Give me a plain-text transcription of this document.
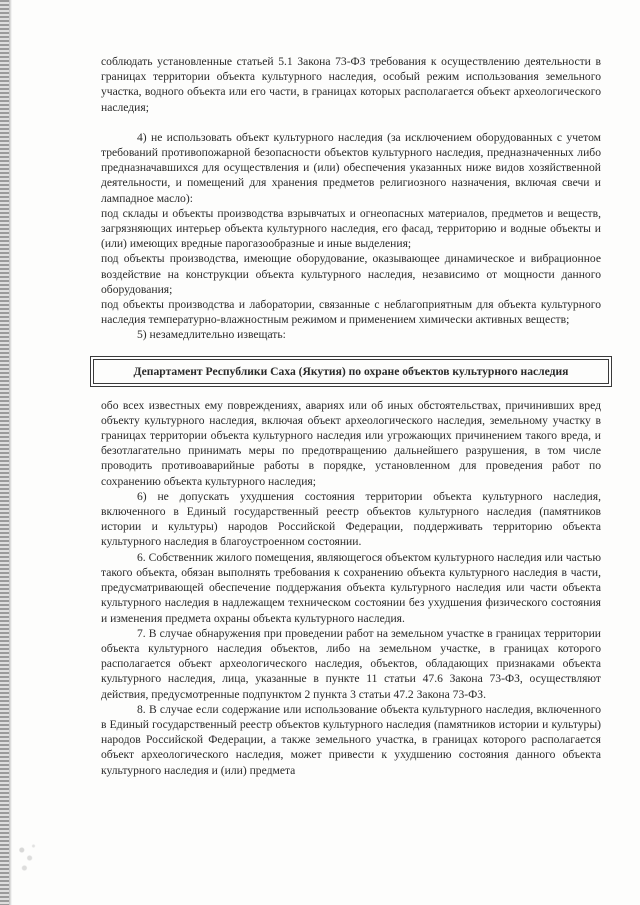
соблюдать установленные статьей 5.1 Закона 73-ФЗ требования к осуществлению деятельности в границах территории объекта культурного наследия, особый режим использования земельного участка, водного объекта или его части, в границах которых располагается объект археологического наследия;

4) не использовать объект культурного наследия (за исключением оборудованных с учетом требований противопожарной безопасности объектов культурного наследия, предназначенных либо предназначавшихся для осуществления и (или) обеспечения указанных ниже видов хозяйственной деятельности, и помещений для хранения предметов религиозного назначения, включая свечи и лампадное масло):

под склады и объекты производства взрывчатых и огнеопасных материалов, предметов и веществ, загрязняющих интерьер объекта культурного наследия, его фасад, территорию и водные объекты и (или) имеющих вредные парогазообразные и иные выделения;

под объекты производства, имеющие оборудование, оказывающее динамическое и вибрационное воздействие на конструкции объекта культурного наследия, независимо от мощности данного оборудования;

под объекты производства и лаборатории, связанные с неблагоприятным для объекта культурного наследия температурно-влажностным режимом и применением химически активных веществ;

5) незамедлительно извещать:

Департамент Республики Саха (Якутия) по охране объектов культурного наследия

обо всех известных ему повреждениях, авариях или об иных обстоятельствах, причинивших вред объекту культурного наследия, включая объект археологического наследия, земельному участку в границах территории объекта культурного наследия или угрожающих причинением такого вреда, и безотлагательно принимать меры по предотвращению дальнейшего разрушения, в том числе проводить противоаварийные работы в порядке, установленном для проведения работ по сохранению объекта культурного наследия;

6) не допускать ухудшения состояния территории объекта культурного наследия, включенного в Единый государственный реестр объектов культурного наследия (памятников истории и культуры) народов Российской Федерации, поддерживать территорию объекта культурного наследия в благоустроенном состоянии.

6. Собственник жилого помещения, являющегося объектом культурного наследия или частью такого объекта, обязан выполнять требования к сохранению объекта культурного наследия в части, предусматривающей обеспечение поддержания объекта культурного наследия или части объекта культурного наследия в надлежащем техническом состоянии без ухудшения физического состояния и изменения предмета охраны объекта культурного наследия.

7. В случае обнаружения при проведении работ на земельном участке в границах территории объекта культурного наследия объектов, либо на земельном участке, в границах которого располагается объект археологического наследия, объектов, обладающих признаками объекта культурного наследия, лица, указанные в пункте 11 статьи 47.6 Закона 73-ФЗ, осуществляют действия, предусмотренные подпунктом 2 пункта 3 статьи 47.2 Закона 73-ФЗ.

8. В случае если содержание или использование объекта культурного наследия, включенного в Единый государственный реестр объектов культурного наследия (памятников истории и культуры) народов Российской Федерации, а также земельного участка, в границах которого располагается объект археологического наследия, может привести к ухудшению состояния данного объекта культурного наследия и (или) предмета
